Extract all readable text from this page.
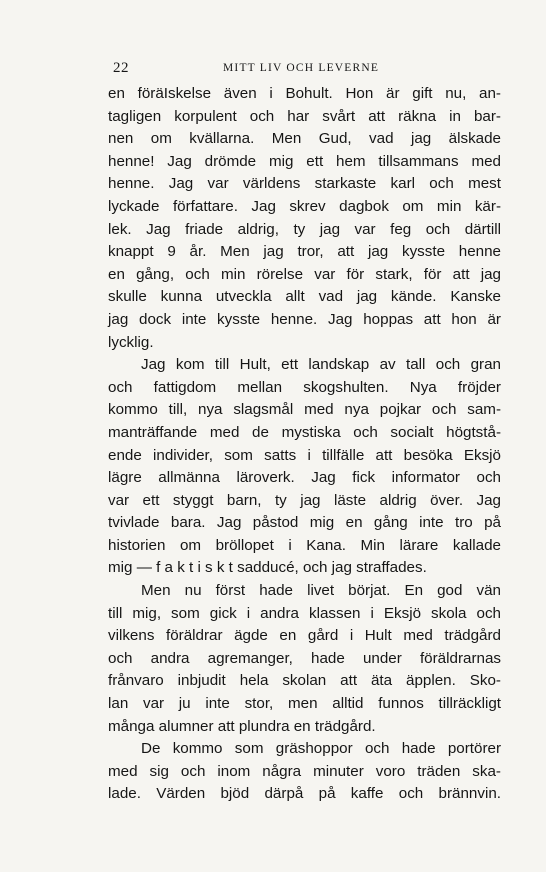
22	MITT LIV OCH LEVERNE
en föräIskelse även i Bohult. Hon är gift nu, an-
tagligen korpulent och har svårt att räkna in bar-
nen om kvällarna. Men Gud, vad jag älskade
henne! Jag drömde mig ett hem tillsammans med
henne. Jag var världens starkaste karl och mest
lyckade författare. Jag skrev dagbok om min kär-
lek. Jag friade aldrig, ty jag var feg och därtill
knappt 9 år. Men jag tror, att jag kysste henne
en gång, och min rörelse var för stark, för att jag
skulle kunna utveckla allt vad jag kände. Kanske
jag dock inte kysste henne. Jag hoppas att hon är
lycklig.
Jag kom till Hult, ett landskap av tall och gran
och fattigdom mellan skogshulten. Nya fröjder
kommo till, nya slagsmål med nya pojkar och sam-
manträffande med de mystiska och socialt högtstå-
ende individer, som satts i tillfälle att besöka Eksjö
lägre allmänna läroverk. Jag fick informator och
var ett styggt barn, ty jag läste aldrig över. Jag
tvivlade bara. Jag påstod mig en gång inte tro på
historien om bröllopet i Kana. Min lärare kallade
mig — f a k t i s k t sadducé, och jag straffades.
Men nu först hade livet börjat. En god vän
till mig, som gick i andra klassen i Eksjö skola och
vilkens föräldrar ägde en gård i Hult med trädgård
och andra agremanger, hade under föräldrarnas
frånvaro inbjudit hela skolan att äta äpplen. Sko-
lan var ju inte stor, men alltid funnos tillräckligt
många alumner att plundra en trädgård.
De kommo som gräshoppor och hade portörer
med sig och inom några minuter voro träden ska-
lade. Värden bjöd därpå på kaffe och brännvin.
